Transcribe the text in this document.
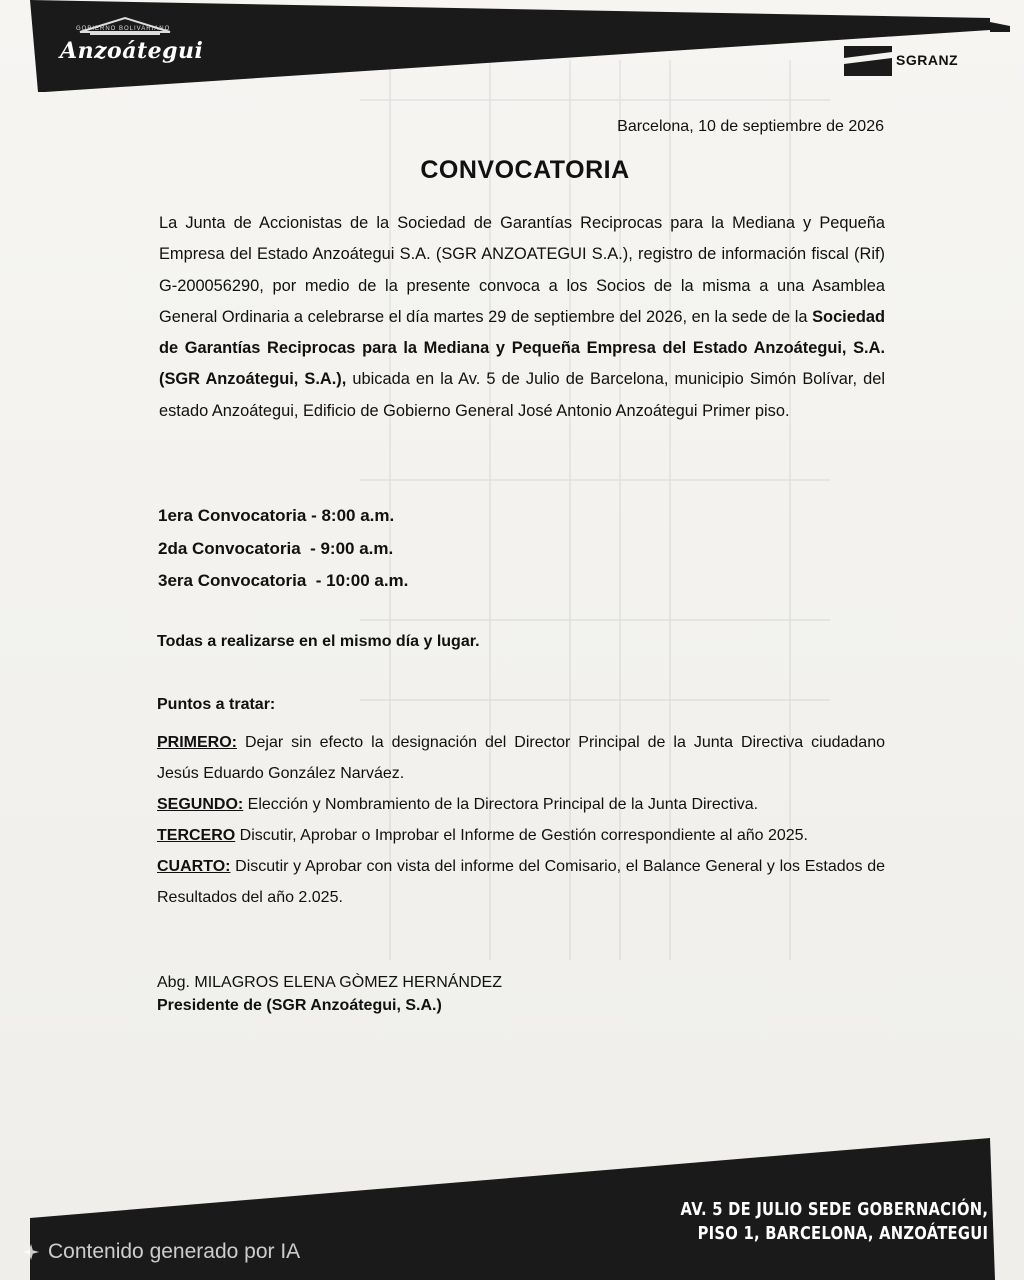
GOBIERNO BOLIVARIANO
Anzoátegui	SGRANZ
Barcelona, 10 de septiembre de 2026
CONVOCATORIA
La Junta de Accionistas de la Sociedad de Garantías Reciprocas para la Mediana y Pequeña Empresa del Estado Anzoátegui S.A. (SGR ANZOATEGUI S.A.), registro de información fiscal (Rif) G-200056290, por medio de la presente convoca a los Socios de la misma a una Asamblea General Ordinaria a celebrarse el día martes 29 de septiembre del 2026, en la sede de la Sociedad de Garantías Reciprocas para la Mediana y Pequeña Empresa del Estado Anzoátegui, S.A. (SGR Anzoátegui, S.A.), ubicada en la Av. 5 de Julio de Barcelona, municipio Simón Bolívar, del estado Anzoátegui, Edificio de Gobierno General José Antonio Anzoátegui Primer piso.
1era Convocatoria - 8:00 a.m.
2da Convocatoria  - 9:00 a.m.
3era Convocatoria  - 10:00 a.m.
Todas a realizarse en el mismo día y lugar.
Puntos a tratar:

PRIMERO: Dejar sin efecto la designación del Director Principal de la Junta Directiva ciudadano Jesús Eduardo González Narváez.

SEGUNDO: Elección y Nombramiento de la Directora Principal de la Junta Directiva.

TERCERO Discutir, Aprobar o Improbar el Informe de Gestión correspondiente al año 2025.

CUARTO: Discutir y Aprobar con vista del informe del Comisario, el Balance General y los Estados de Resultados del año 2.025.

Abg. MILAGROS ELENA GÒMEZ HERNÁNDEZ
Presidente de (SGR Anzoátegui, S.A.)
AV. 5 DE JULIO SEDE GOBERNACIÓN,
PISO 1, BARCELONA, ANZOÁTEGUI
Contenido generado por IA
